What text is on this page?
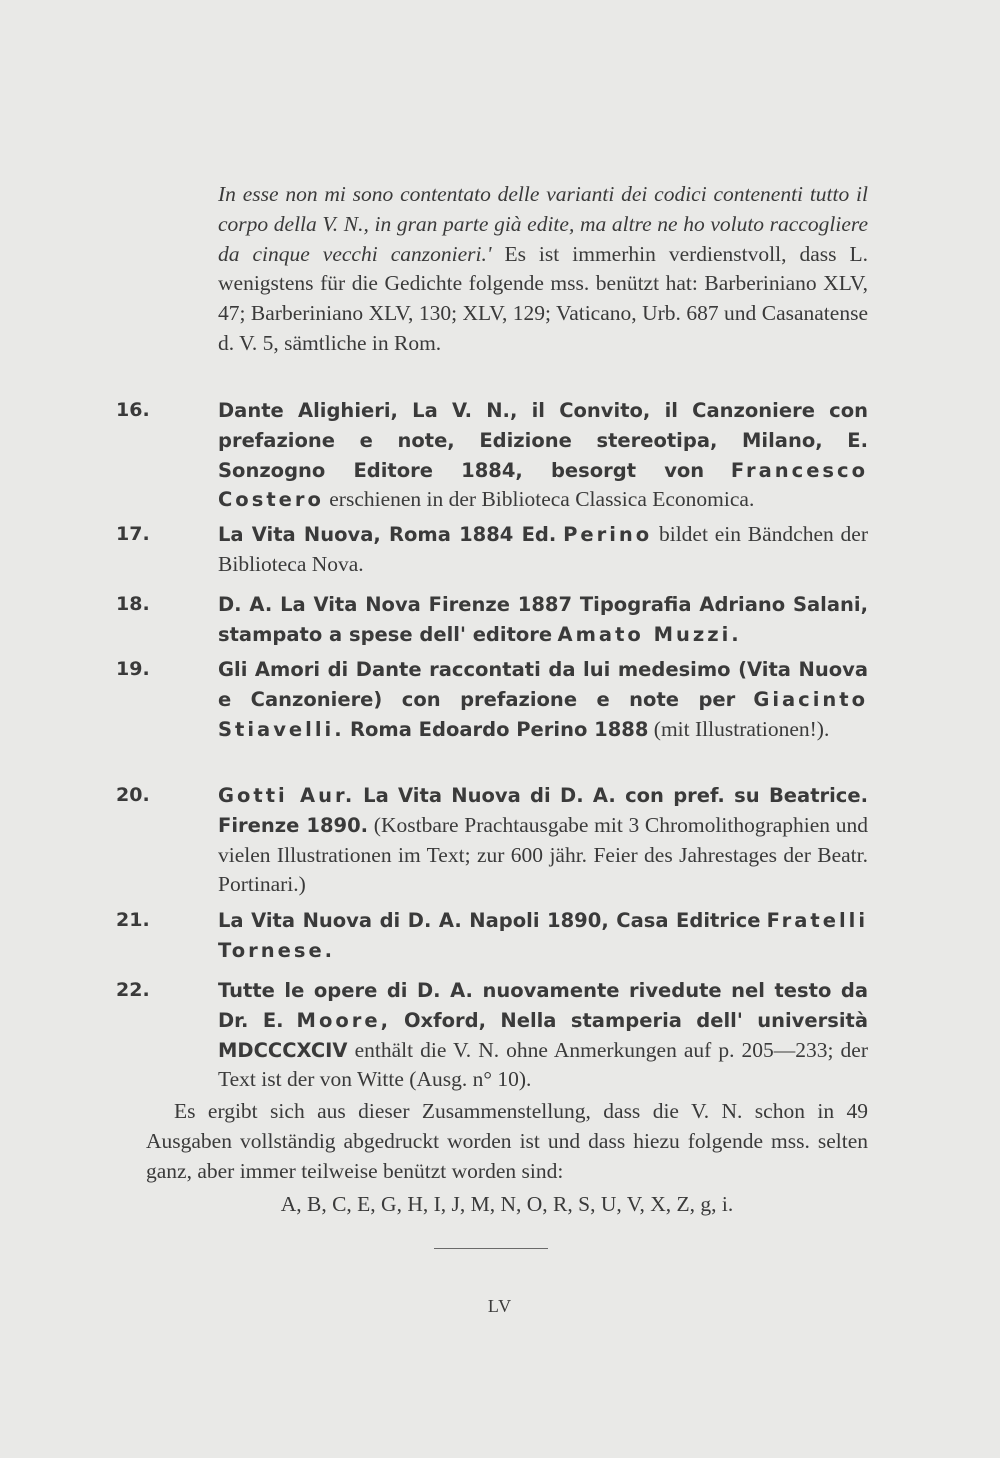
In esse non mi sono contentato delle varianti dei codici contenenti tutto il corpo della V. N., in gran parte già edite, ma altre ne ho voluto raccogliere da cinque vecchi canzonieri.' Es ist immerhin verdienstvoll, dass L. wenigstens für die Gedichte folgende mss. benützt hat: Barberiniano XLV, 47; Barberiniano XLV, 130; XLV, 129; Vaticano, Urb. 687 und Casanatense d. V. 5, sämtliche in Rom.
16.	Dante Alighieri, La V. N., il Convito, il Canzoniere con prefazione e note, Edizione stereotipa, Milano, E. Sonzogno Editore 1884, besorgt von Francesco Costero erschienen in der Biblioteca Classica Economica.
17.	La Vita Nuova, Roma 1884 Ed. Perino bildet ein Bändchen der Biblioteca Nova.
18.	D. A. La Vita Nova Firenze 1887 Tipografia Adriano Salani, stampato a spese dell' editore Amato Muzzi.
19.	Gli Amori di Dante raccontati da lui medesimo (Vita Nuova e Canzoniere) con prefazione e note per Giacinto Stiavelli. Roma Edoardo Perino 1888 (mit Illustrationen!).
20.	Gotti Aur. La Vita Nuova di D. A. con pref. su Beatrice. Firenze 1890. (Kostbare Prachtausgabe mit 3 Chromolithographien und vielen Illustrationen im Text; zur 600 jähr. Feier des Jahrestages der Beatr. Portinari.)
21.	La Vita Nuova di D. A. Napoli 1890, Casa Editrice Fratelli Tornese.
22.	Tutte le opere di D. A. nuovamente rivedute nel testo da Dr. E. Moore, Oxford, Nella stamperia dell' università MDCCCXCIV enthält die V. N. ohne Anmerkungen auf p. 205—233; der Text ist der von Witte (Ausg. n° 10).
Es ergibt sich aus dieser Zusammenstellung, dass die V. N. schon in 49 Ausgaben vollständig abgedruckt worden ist und dass hiezu folgende mss. selten ganz, aber immer teilweise benützt worden sind:
A, B, C, E, G, H, I, J, M, N, O, R, S, U, V, X, Z, g, i.
LV
